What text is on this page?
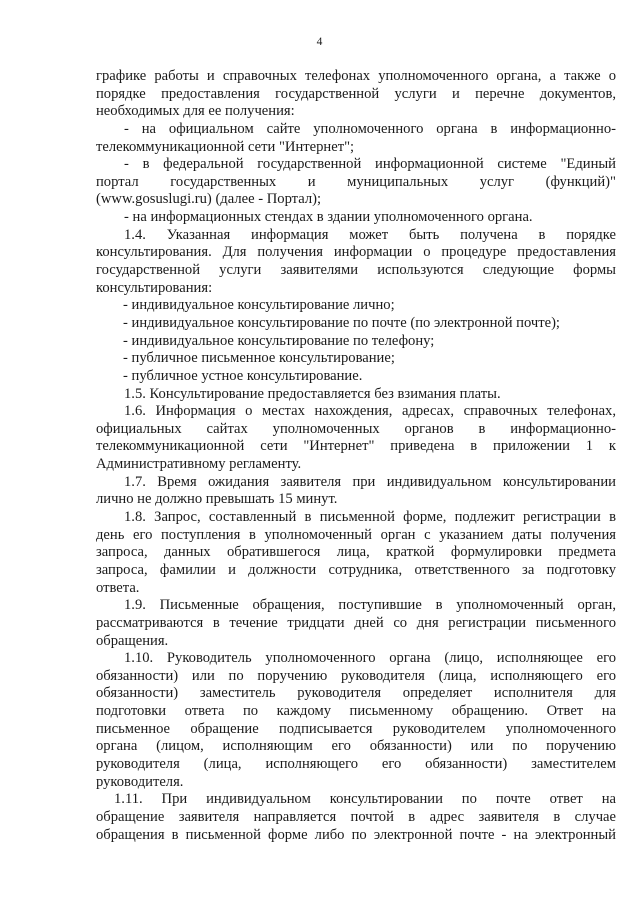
4
графике работы и справочных телефонах уполномоченного органа, а также о
порядке предоставления государственной услуги и перечне документов,
необходимых для ее получения:
- на официальном сайте уполномоченного органа в информационно-
телекоммуникационной сети "Интернет";
- в федеральной государственной информационной системе "Единый
портал государственных и муниципальных услуг (функций)"
(www.gosuslugi.ru) (далее - Портал);
- на информационных стендах в здании уполномоченного органа.
1.4. Указанная информация может быть получена в порядке
консультирования. Для получения информации о процедуре предоставления
государственной услуги заявителями используются следующие формы
консультирования:
- индивидуальное консультирование лично;
- индивидуальное консультирование по почте (по электронной почте);
- индивидуальное консультирование по телефону;
- публичное письменное консультирование;
- публичное устное консультирование.
1.5. Консультирование предоставляется без взимания платы.
1.6. Информация о местах нахождения, адресах, справочных телефонах,
официальных сайтах уполномоченных органов в информационно-
телекоммуникационной сети "Интернет" приведена в приложении 1 к
Административному регламенту.
1.7. Время ожидания заявителя при индивидуальном консультировании
лично не должно превышать 15 минут.
1.8. Запрос, составленный в письменной форме, подлежит регистрации в
день его поступления в уполномоченный орган с указанием даты получения
запроса, данных обратившегося лица, краткой формулировки предмета
запроса, фамилии и должности сотрудника, ответственного за подготовку
ответа.
1.9. Письменные обращения, поступившие в уполномоченный орган,
рассматриваются в течение тридцати дней со дня регистрации письменного
обращения.
1.10. Руководитель уполномоченного органа (лицо, исполняющее его
обязанности) или по поручению руководителя (лица, исполняющего его
обязанности) заместитель руководителя определяет исполнителя для
подготовки ответа по каждому письменному обращению. Ответ на
письменное обращение подписывается руководителем уполномоченного
органа (лицом, исполняющим его обязанности) или по поручению
руководителя (лица, исполняющего его обязанности) заместителем
руководителя.
1.11. При индивидуальном консультировании по почте ответ на
обращение заявителя направляется почтой в адрес заявителя в случае
обращения в письменной форме либо по электронной почте - на электронный
